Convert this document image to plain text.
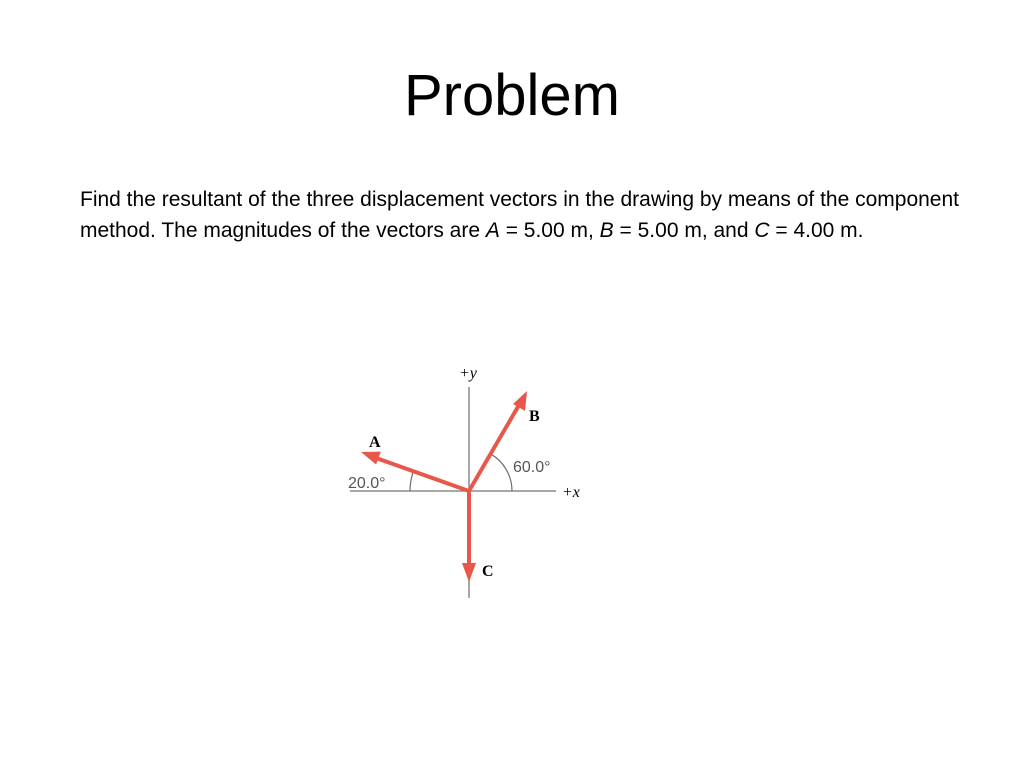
Problem
Find the resultant of the three displacement vectors in the drawing by means of the component method. The magnitudes of the vectors are A = 5.00 m, B = 5.00 m, and C = 4.00 m.
+y
+x
60.0°
20.0°
A
B
C
